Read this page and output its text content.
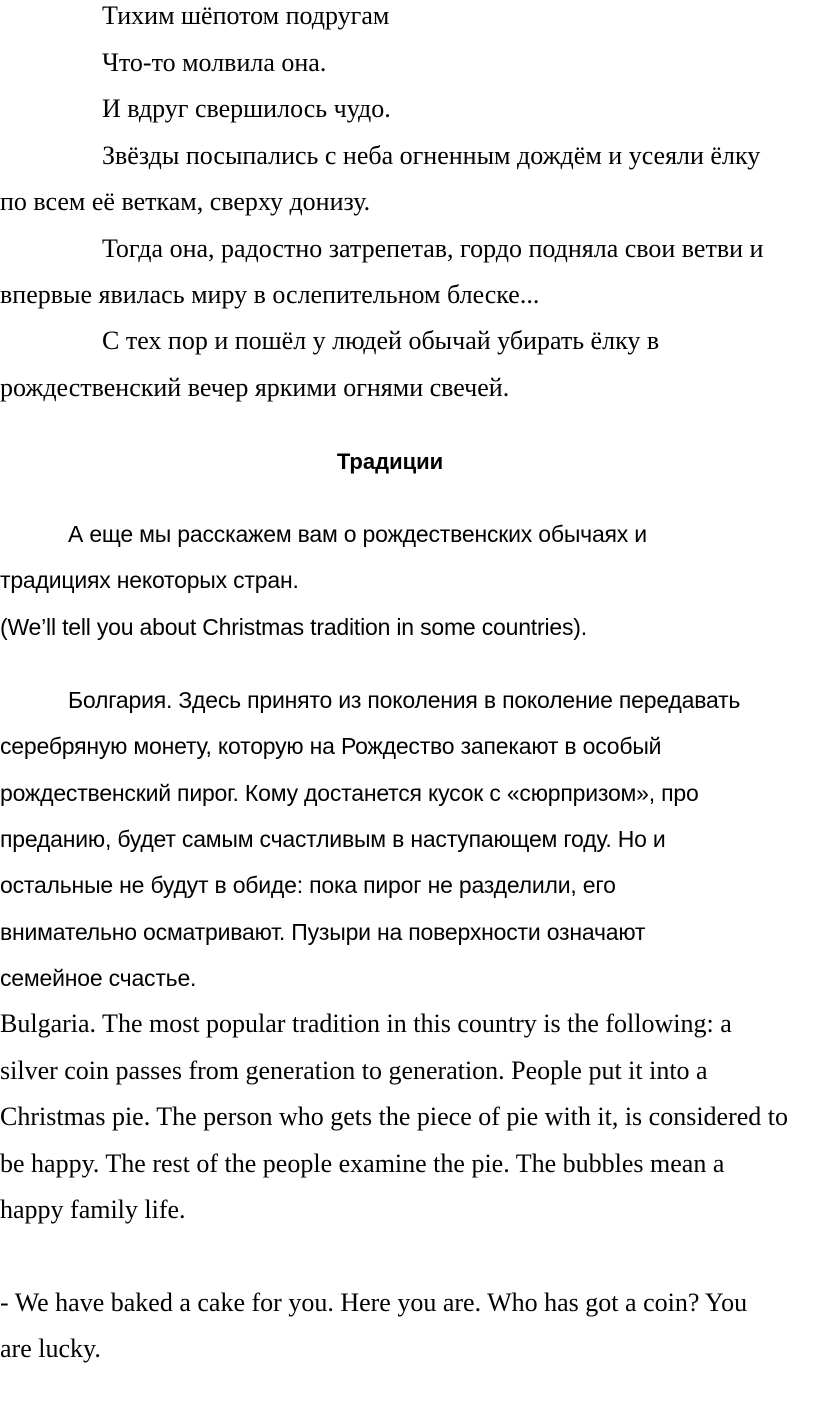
Тихим шёпотом подругам
Что-то молвила она.
И вдруг свершилось чудо.
Звёзды посыпались с неба огненным дождём и усеяли ёлку
по всем её веткам, сверху донизу.
Тогда она, радостно затрепетав, гордо подняла свои ветви и
впервые явилась миру в ослепительном блеске...
С тех пор и пошёл у людей обычай убирать ёлку в
рождественский вечер яркими огнями свечей.
Традиции
А еще мы расскажем вам о рождественских обычаях и
традициях некоторых стран.
(We’ll tell you about Christmas tradition in some countries).
Болгария. Здесь принято из поколения в поколение передавать
серебряную монету, которую на Рождество запекают в особый
рождественский пирог. Кому достанется кусок с «сюрпризом», про
преданию, будет самым счастливым в наступающем году. Но и
остальные не будут в обиде: пока пирог не разделили, его
внимательно осматривают. Пузыри на поверхности означают
семейное счастье.
Bulgaria. The most popular tradition in this country is the following: a
silver coin passes from generation to generation. People put it into a
Christmas pie. The person who gets the piece of pie with it, is considered to
be happy. The rest of the people examine the pie. The bubbles mean a
happy family life.
- We have baked a cake for you. Here you are. Who has got a coin? You
are lucky.
